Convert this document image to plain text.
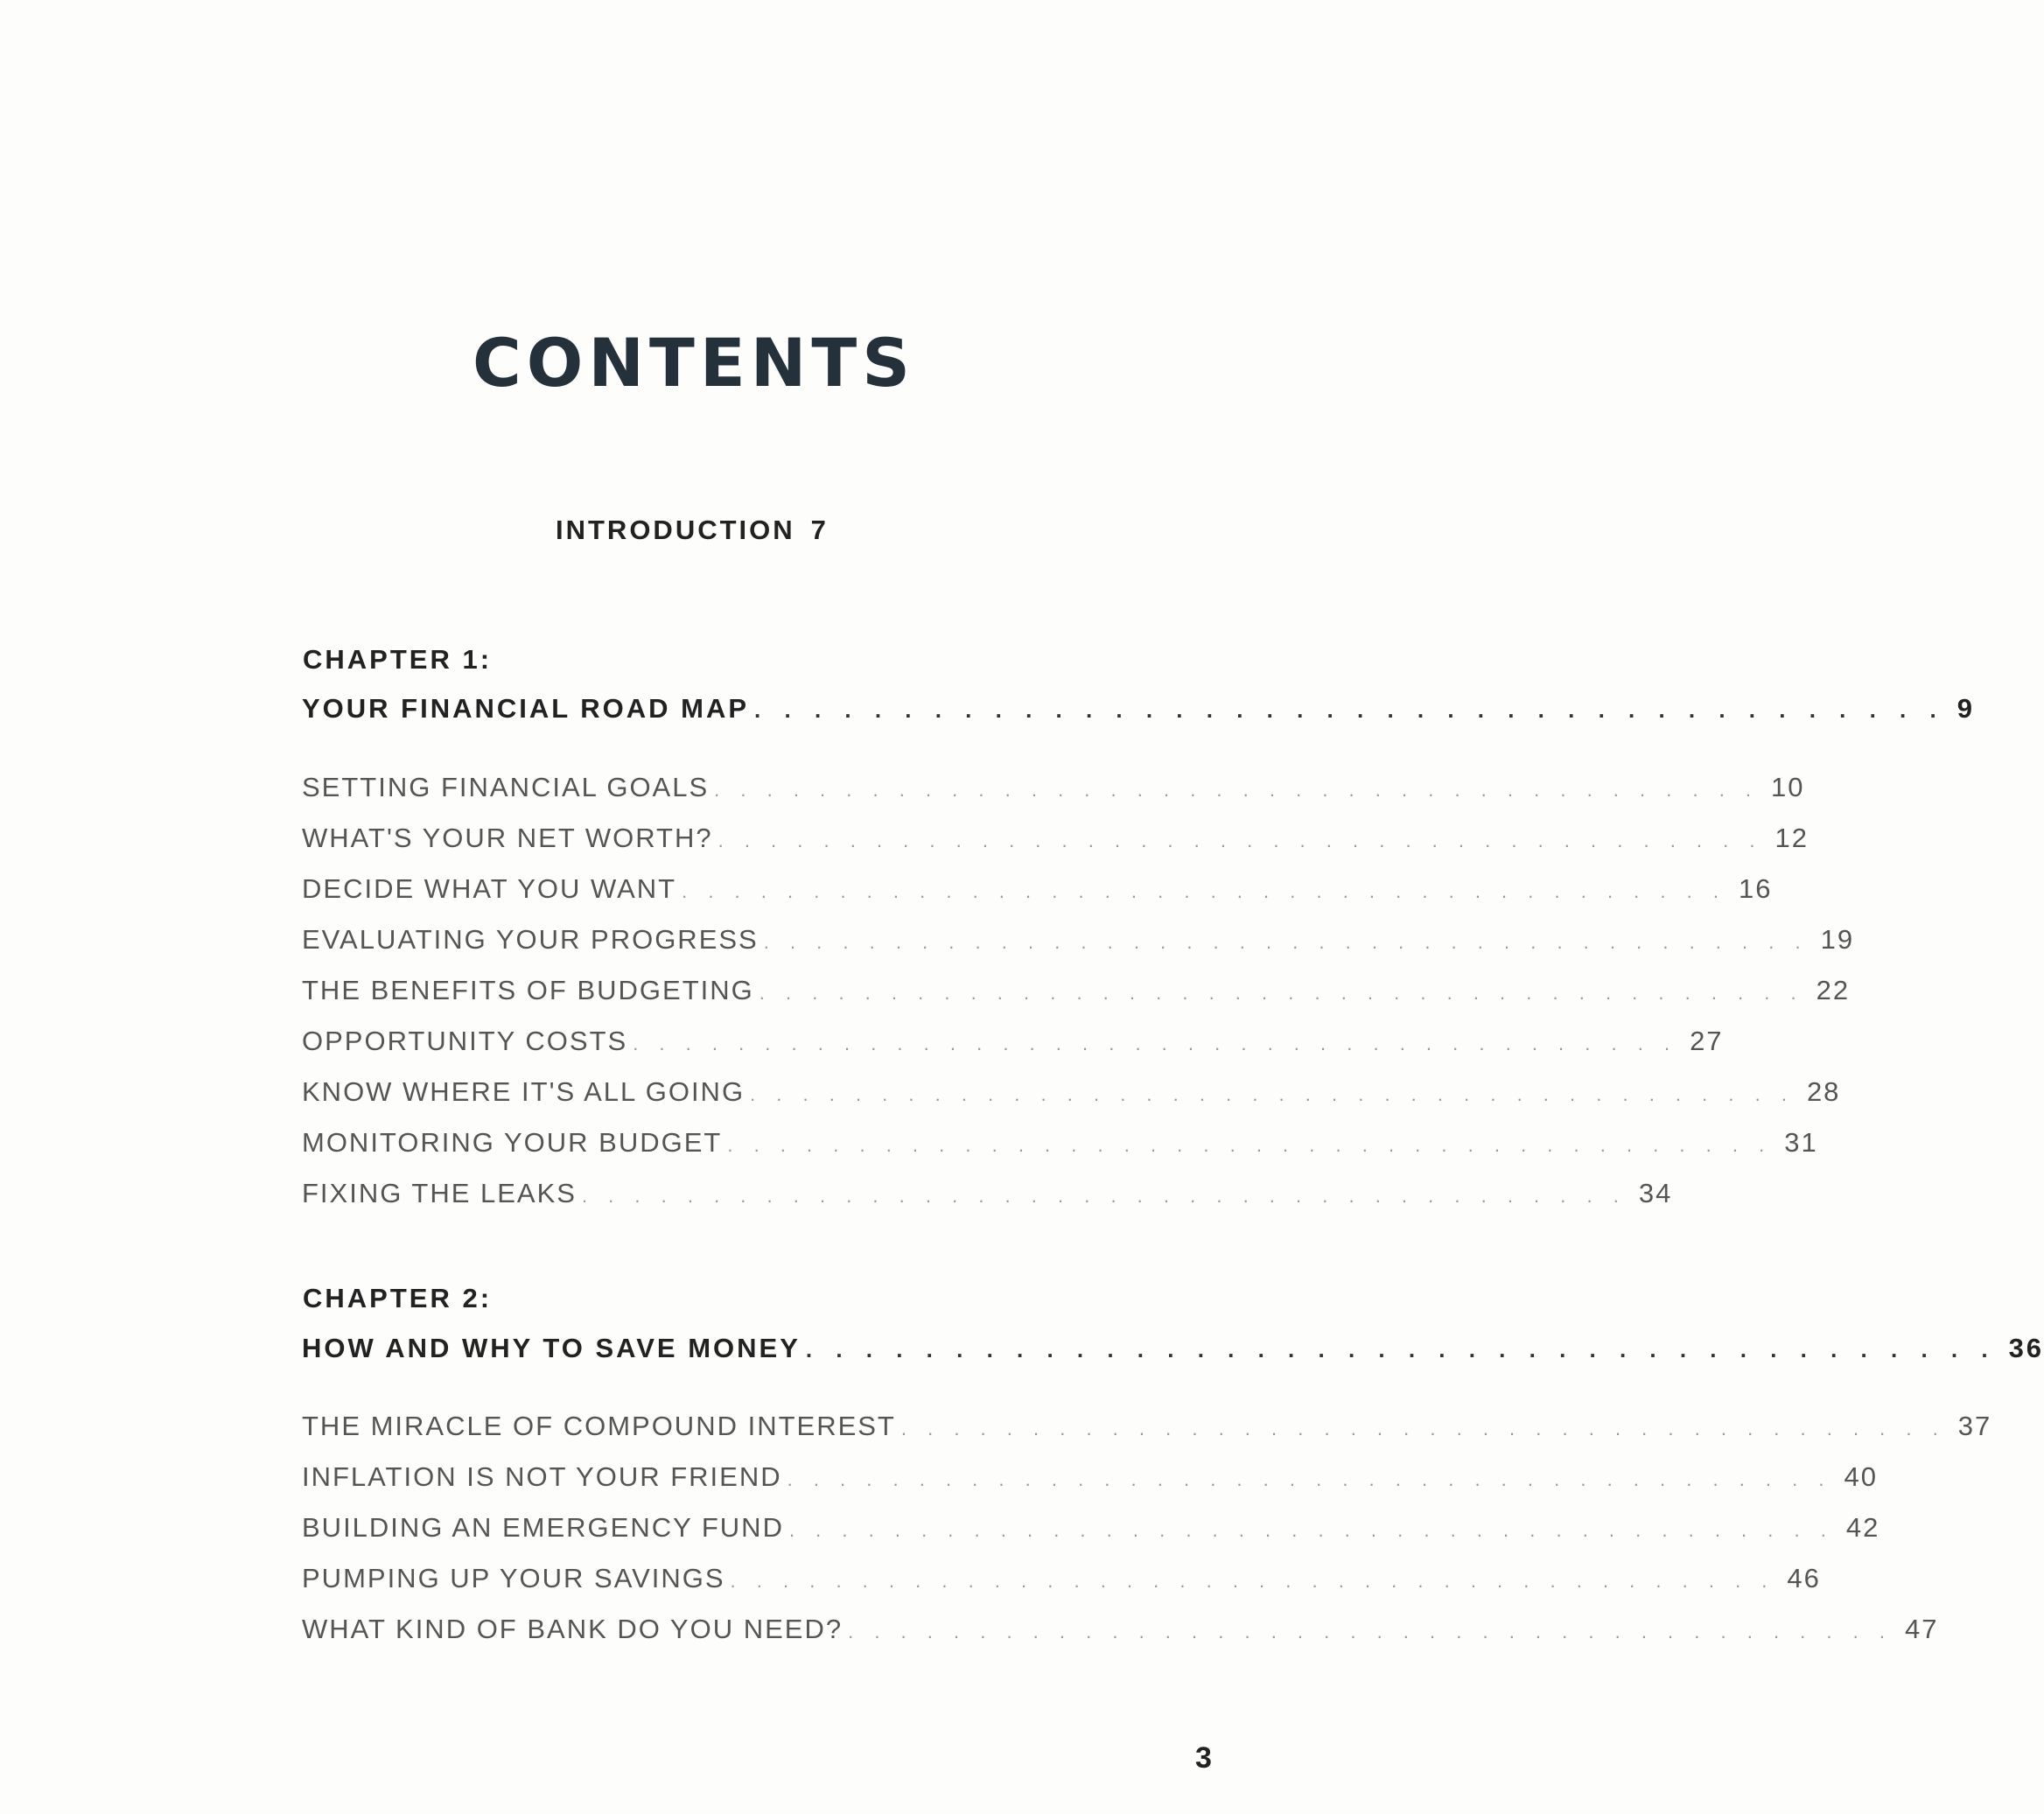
CONTENTS
INTRODUCTION 7
CHAPTER 1:
YOUR FINANCIAL ROAD MAP . . . . . . . . . . . . . . . . . . . . . . . . . . . . . . . . . . . . . . . . 9
SETTING FINANCIAL GOALS . . . . . . . . . . . . . . . . . . . . . . . . . . . . . . . . . . . . . . . . 10
WHAT'S YOUR NET WORTH? . . . . . . . . . . . . . . . . . . . . . . . . . . . . . . . . . . . . . . . . 12
DECIDE WHAT YOU WANT . . . . . . . . . . . . . . . . . . . . . . . . . . . . . . . . . . . . . . . . 16
EVALUATING YOUR PROGRESS . . . . . . . . . . . . . . . . . . . . . . . . . . . . . . . . . . . . . . . . 19
THE BENEFITS OF BUDGETING . . . . . . . . . . . . . . . . . . . . . . . . . . . . . . . . . . . . . . . . 22
OPPORTUNITY COSTS . . . . . . . . . . . . . . . . . . . . . . . . . . . . . . . . . . . . . . . . 27
KNOW WHERE IT'S ALL GOING . . . . . . . . . . . . . . . . . . . . . . . . . . . . . . . . . . . . . . . . 28
MONITORING YOUR BUDGET . . . . . . . . . . . . . . . . . . . . . . . . . . . . . . . . . . . . . . . . 31
FIXING THE LEAKS . . . . . . . . . . . . . . . . . . . . . . . . . . . . . . . . . . . . . . . . 34
CHAPTER 2:
HOW AND WHY TO SAVE MONEY . . . . . . . . . . . . . . . . . . . . . . . . . . . . . . . . . . . . . . . . 36
THE MIRACLE OF COMPOUND INTEREST . . . . . . . . . . . . . . . . . . . . . . . . . . . . . . . . . . . . . . . . 37
INFLATION IS NOT YOUR FRIEND . . . . . . . . . . . . . . . . . . . . . . . . . . . . . . . . . . . . . . . . 40
BUILDING AN EMERGENCY FUND . . . . . . . . . . . . . . . . . . . . . . . . . . . . . . . . . . . . . . . . 42
PUMPING UP YOUR SAVINGS . . . . . . . . . . . . . . . . . . . . . . . . . . . . . . . . . . . . . . . . 46
WHAT KIND OF BANK DO YOU NEED? . . . . . . . . . . . . . . . . . . . . . . . . . . . . . . . . . . . . . . . . 47
3
